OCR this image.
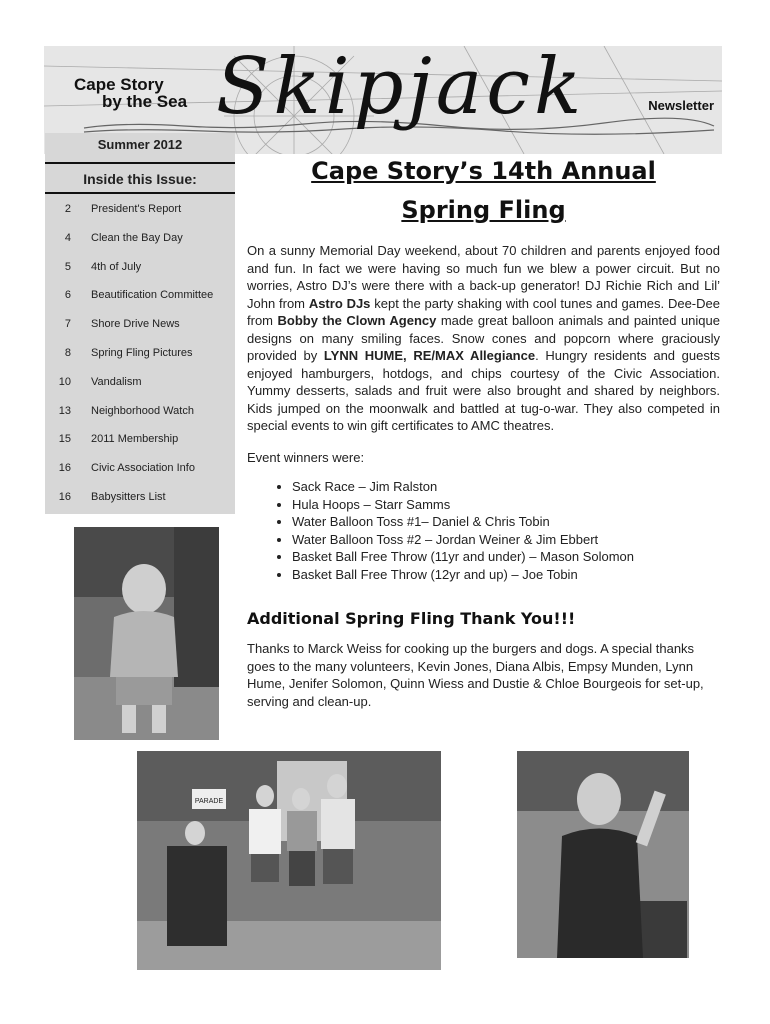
Cape Story
by the Sea Skipjack	Newsletter
Summer 2012
Inside this Issue:
2 President's Report
4 Clean the Bay Day
5 4th of July
6 Beautification Committee
7 Shore Drive News
8 Spring Fling Pictures
10 Vandalism
13 Neighborhood Watch
15 2011 Membership
16 Civic Association Info
16 Babysitters List
PARADE
Cape Story’s 14th Annual
Spring Fling

On a sunny Memorial Day weekend, about 70 children and parents enjoyed food and fun. In fact we were having so much fun we blew a power circuit. But no worries, Astro DJ’s were there with a back-up generator! DJ Richie Rich and Lil’ John from Astro DJs kept the party shaking with cool tunes and games. Dee-Dee from Bobby the Clown Agency made great balloon animals and painted unique designs on many smiling faces. Snow cones and popcorn where graciously provided by LYNN HUME, RE/MAX Allegiance. Hungry residents and guests enjoyed hamburgers, hotdogs, and chips courtesy of the Civic Association. Yummy desserts, salads and fruit were also brought and shared by neighbors. Kids jumped on the moonwalk and battled at tug-o-war. They also competed in special events to win gift certificates to AMC theatres.

Event winners were:

• Sack Race – Jim Ralston
• Hula Hoops – Starr Samms
• Water Balloon Toss #1– Daniel & Chris Tobin
• Water Balloon Toss #2 – Jordan Weiner & Jim Ebbert
• Basket Ball Free Throw (11yr and under) – Mason Solomon
• Basket Ball Free Throw (12yr and up) – Joe Tobin
Additional Spring Fling Thank You!!!

Thanks to Marck Weiss for cooking up the burgers and dogs. A special thanks goes to the many volunteers, Kevin Jones, Diana Albis, Empsy Munden, Lynn Hume, Jenifer Solomon, Quinn Wiess and Dustie & Chloe Bourgeois for set-up, serving and clean-up.
